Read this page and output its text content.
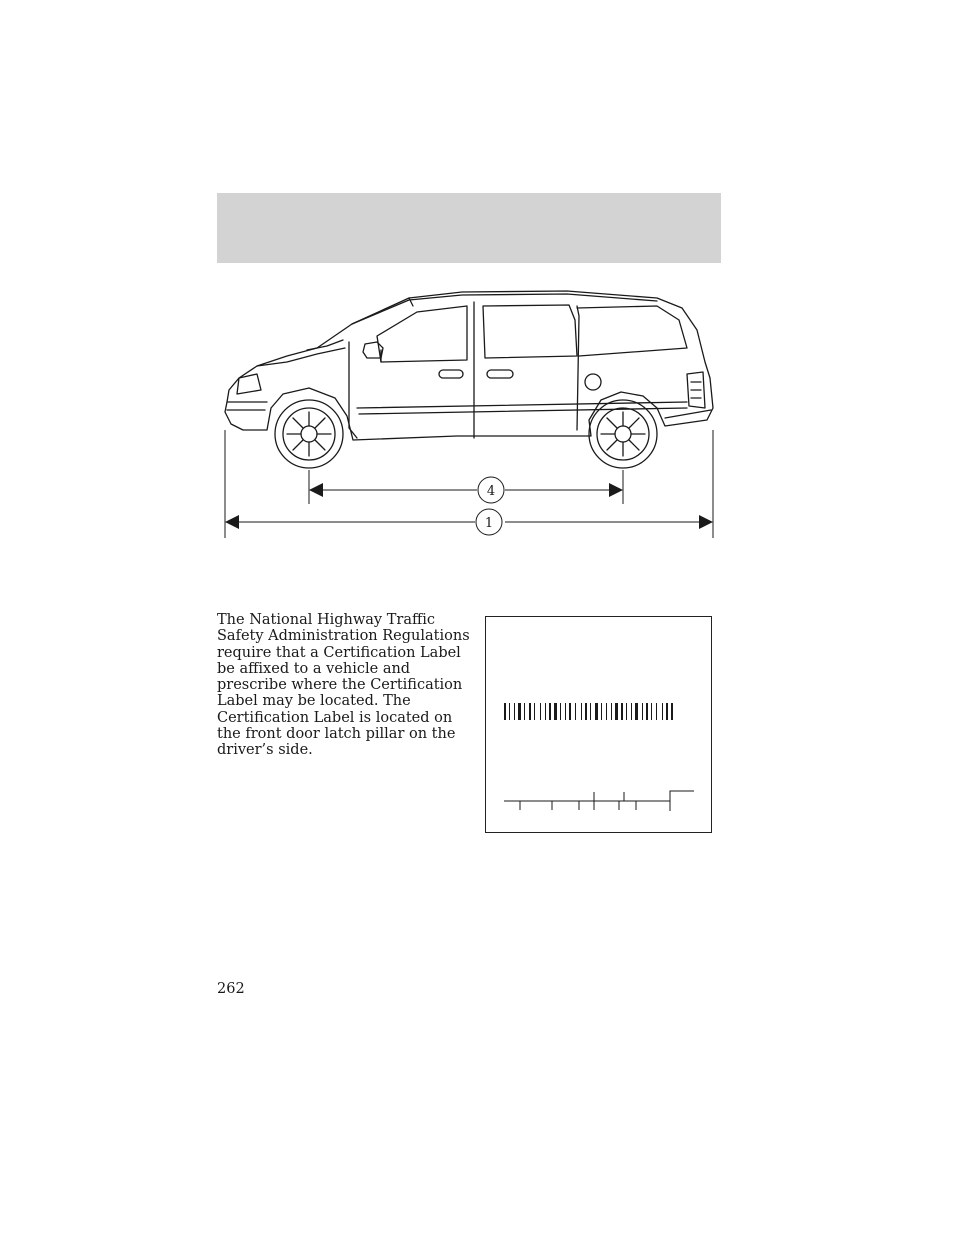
4
1

The National Highway Traffic Safety Administration Regulations require that a Certification Label be affixed to a vehicle and prescribe where the Certification Label may be located. The Certification Label is located on the front door latch pillar on the driver’s side.

262
